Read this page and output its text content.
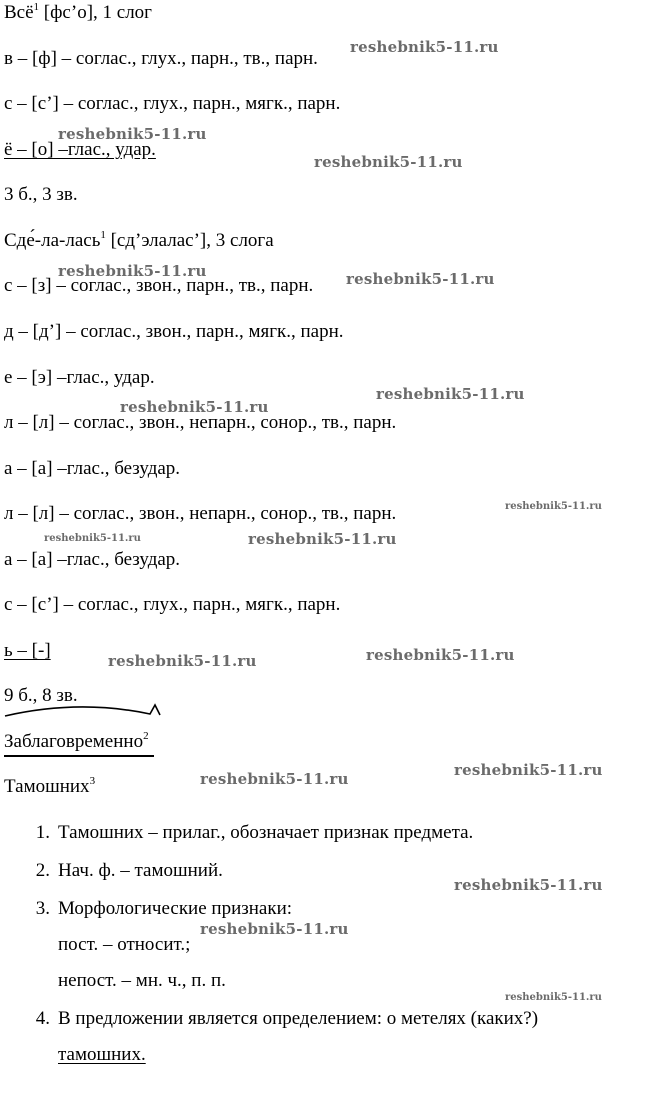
Всё$^1$ [фс’о], 1 слог
в – [ф] – соглас., глух., парн., тв., парн.
с – [с’] – соглас., глух., парн., мягк., парн.
ё – [о] –глас., удар.
3 б., 3 зв.
Сде́-ла-лась$^1$ [сд’элалас’], 3 слога
с – [з] – соглас., звон., парн., тв., парн.
д – [д’] – соглас., звон., парн., мягк., парн.
е – [э] –глас., удар.
л – [л] – соглас., звон., непарн., сонор., тв., парн.
а – [а] –глас., безудар.
л – [л] – соглас., звон., непарн., сонор., тв., парн.
а – [а] –глас., безудар.
с – [с’] – соглас., глух., парн., мягк., парн.
ь – [-]
9 б., 8 зв.
Заблаговременно$^2$
Тамошних$^3$
1. Тамошних – прилаг., обозначает признак предмета.
2. Нач. ф. – тамошний.
3. Морфологические признаки:
пост. – относит.;
непост. – мн. ч., п. п.
4. В предложении является определением: о метелях (каких?)
тамошних.
reshebnik5-11.ru
reshebnik5-11.ru
reshebnik5-11.ru
reshebnik5-11.ru	reshebnik5-11.ru
reshebnik5-11.ru
reshebnik5-11.ru
reshebnik5-11.ru
reshebnik5-11.ru	reshebnik5-11.ru
reshebnik5-11.ru	reshebnik5-11.ru
reshebnik5-11.ru
reshebnik5-11.ru
reshebnik5-11.ru
reshebnik5-11.ru
reshebnik5-11.ru
